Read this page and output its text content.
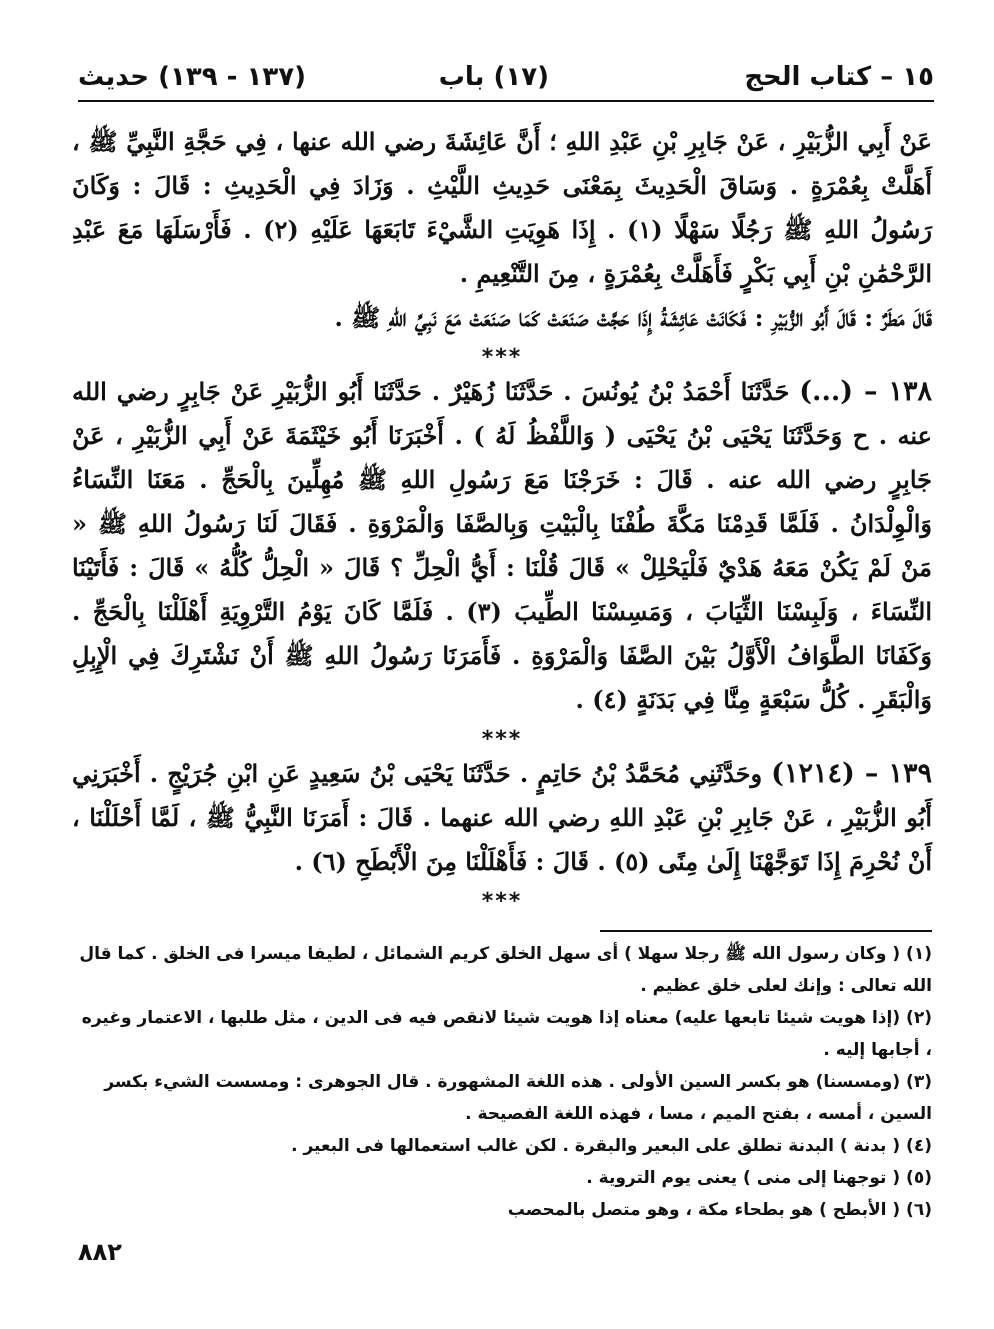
١٥ – كتاب الحج
(١٧) باب
(١٣٧ - ١٣٩) حديث

عَنْ أَبِي الزُّبَيْرِ ، عَنْ جَابِرِ بْنِ عَبْدِ اللهِ ؛ أَنَّ عَائِشَةَ رضي الله عنها ، فِي حَجَّةِ النَّبِيِّ ﷺ ، أَهَلَّتْ بِعُمْرَةٍ . وَسَاقَ الْحَدِيثَ بِمَعْنَى حَدِيثِ اللَّيْثِ . وَزَادَ فِي الْحَدِيثِ : قَالَ : وَكَانَ رَسُولُ اللهِ ﷺ رَجُلًا سَهْلًا (١) . إِذَا هَوِيَتِ الشَّيْءَ تَابَعَهَا عَلَيْهِ (٢) . فَأَرْسَلَهَا مَعَ عَبْدِ الرَّحْمَٰنِ بْنِ أَبِي بَكْرٍ فَأَهَلَّتْ بِعُمْرَةٍ ، مِنَ التَّنْعِيمِ .

قَالَ مَطَرٌ : قَالَ أَبُو الزُّبَيْرِ : فَكَانَتْ عَائِشَةُ إِذَا حَجَّتْ صَنَعَتْ كَمَا صَنَعَتْ مَعَ نَبِيِّ اللهِ ﷺ .

***

١٣٨ – (...) حَدَّثَنَا أَحْمَدُ بْنُ يُونُسَ . حَدَّثَنَا زُهَيْرٌ . حَدَّثَنَا أَبُو الزُّبَيْرِ عَنْ جَابِرٍ رضي الله عنه . ح وَحَدَّثَنَا يَحْيَى بْنُ يَحْيَى ( وَاللَّفْظُ لَهُ ) . أَخْبَرَنَا أَبُو خَيْثَمَةَ عَنْ أَبِي الزُّبَيْرِ ، عَنْ جَابِرٍ رضي الله عنه . قَالَ : خَرَجْنَا مَعَ رَسُولِ اللهِ ﷺ مُهِلِّينَ بِالْحَجِّ . مَعَنَا النِّسَاءُ وَالْوِلْدَانُ . فَلَمَّا قَدِمْنَا مَكَّةَ طُفْنَا بِالْبَيْتِ وَبِالصَّفَا وَالْمَرْوَةِ . فَقَالَ لَنَا رَسُولُ اللهِ ﷺ « مَنْ لَمْ يَكُنْ مَعَهُ هَدْيٌ فَلْيَحْلِلْ » قَالَ قُلْنَا : أَيُّ الْحِلِّ ؟ قَالَ « الْحِلُّ كُلُّهُ » قَالَ : فَأَتَيْنَا النِّسَاءَ ، وَلَبِسْنَا الثِّيَابَ ، وَمَسِسْنَا الطِّيبَ (٣) . فَلَمَّا كَانَ يَوْمُ التَّرْوِيَةِ أَهْلَلْنَا بِالْحَجِّ . وَكَفَانَا الطَّوَافُ الْأَوَّلُ بَيْنَ الصَّفَا وَالْمَرْوَةِ . فَأَمَرَنَا رَسُولُ اللهِ ﷺ أَنْ نَشْتَرِكَ فِي الْإِبِلِ وَالْبَقَرِ . كُلُّ سَبْعَةٍ مِنَّا فِي بَدَنَةٍ (٤) .

***

١٣٩ – (١٢١٤) وحَدَّثَنِي مُحَمَّدُ بْنُ حَاتِمٍ . حَدَّثَنَا يَحْيَى بْنُ سَعِيدٍ عَنِ ابْنِ جُرَيْجٍ . أَخْبَرَنِي أَبُو الزُّبَيْرِ ، عَنْ جَابِرِ بْنِ عَبْدِ اللهِ رضي الله عنهما . قَالَ : أَمَرَنَا النَّبِيُّ ﷺ ، لَمَّا أَحْلَلْنَا ، أَنْ نُحْرِمَ إِذَا تَوَجَّهْنَا إِلَىٰ مِنًى (٥) . قَالَ : فَأَهْلَلْنَا مِنَ الْأَبْطَحِ (٦) .

***

(١) ( وكان رسول الله ﷺ رجلا سهلا ) أى سهل الخلق كريم الشمائل ، لطيفا ميسرا فى الخلق . كما قال الله تعالى : وإنك لعلى خلق عظيم .

(٢) (إذا هويت شيئا تابعها عليه) معناه إذا هويت شيئا لانقص فيه فى الدين ، مثل طلبها ، الاعتمار وغيره ، أجابها إليه .

(٣) (ومسسنا) هو بكسر السين الأولى . هذه اللغة المشهورة . قال الجوهرى : ومسست الشيء بكسر السين ، أمسه ، بفتح الميم ، مسا ، فهذه اللغة الفصيحة .

(٤) ( بدنة ) البدنة تطلق على البعير والبقرة . لكن غالب استعمالها فى البعير .

(٥) ( توجهنا إلى منى ) يعنى يوم التروية .

(٦) ( الأبطح ) هو بطحاء مكة ، وهو متصل بالمحصب

٨٨٢
